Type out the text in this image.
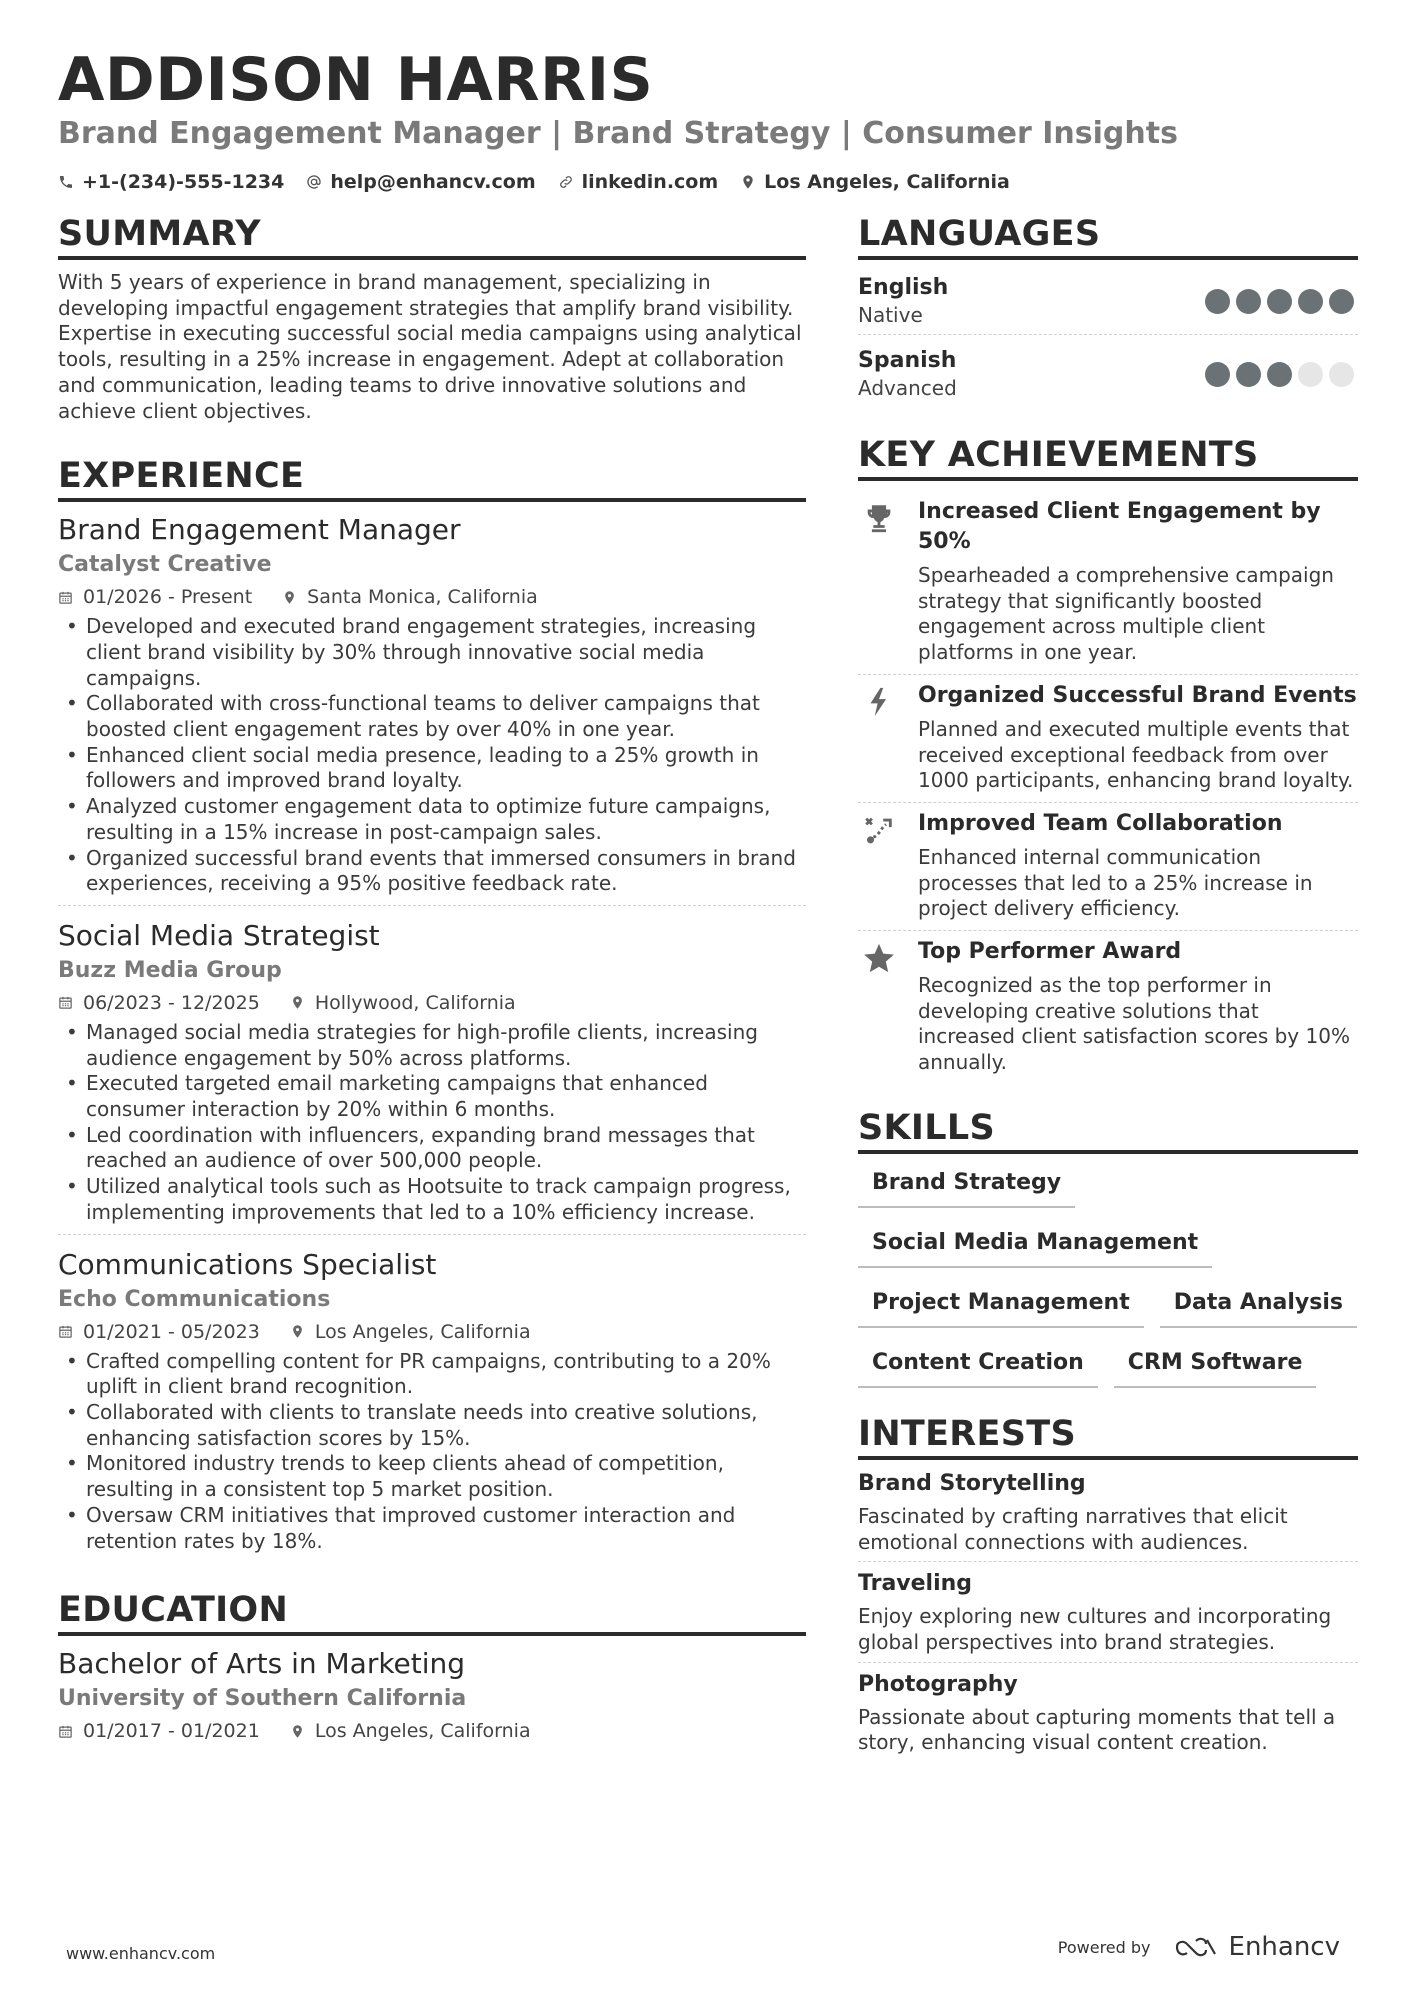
ADDISON HARRIS
Brand Engagement Manager | Brand Strategy | Consumer Insights
+1-(234)-555-1234 help@enhancv.com linkedin.com Los Angeles, California
SUMMARY

With 5 years of experience in brand management, specializing in developing impactful engagement strategies that amplify brand visibility. Expertise in executing successful social media campaigns using analytical tools, resulting in a 25% increase in engagement. Adept at collaboration and communication, leading teams to drive innovative solutions and achieve client objectives.

EXPERIENCE
Brand Engagement Manager
Catalyst Creative
01/2026 - Present	Santa Monica, California
• Developed and executed brand engagement strategies, increasing client brand visibility by 30% through innovative social media campaigns.
• Collaborated with cross-functional teams to deliver campaigns that boosted client engagement rates by over 40% in one year.
• Enhanced client social media presence, leading to a 25% growth in followers and improved brand loyalty.
• Analyzed customer engagement data to optimize future campaigns, resulting in a 15% increase in post-campaign sales.
• Organized successful brand events that immersed consumers in brand experiences, receiving a 95% positive feedback rate.
Social Media Strategist
Buzz Media Group
06/2023 - 12/2025	Hollywood, California
• Managed social media strategies for high-profile clients, increasing audience engagement by 50% across platforms.
• Executed targeted email marketing campaigns that enhanced consumer interaction by 20% within 6 months.
• Led coordination with influencers, expanding brand messages that reached an audience of over 500,000 people.
• Utilized analytical tools such as Hootsuite to track campaign progress, implementing improvements that led to a 10% efficiency increase.
Communications Specialist
Echo Communications
01/2021 - 05/2023	Los Angeles, California
• Crafted compelling content for PR campaigns, contributing to a 20% uplift in client brand recognition.
• Collaborated with clients to translate needs into creative solutions, enhancing satisfaction scores by 15%.
• Monitored industry trends to keep clients ahead of competition, resulting in a consistent top 5 market position.
• Oversaw CRM initiatives that improved customer interaction and retention rates by 18%.
EDUCATION
Bachelor of Arts in Marketing
University of Southern California
01/2017 - 01/2021	Los Angeles, California
LANGUAGES
English
Native
Spanish
Advanced
KEY ACHIEVEMENTS
Increased Client Engagement by 50%
Spearheaded a comprehensive campaign strategy that significantly boosted engagement across multiple client platforms in one year.
Organized Successful Brand Events
Planned and executed multiple events that received exceptional feedback from over 1000 participants, enhancing brand loyalty.
Improved Team Collaboration
Enhanced internal communication processes that led to a 25% increase in project delivery efficiency.
Top Performer Award
Recognized as the top performer in developing creative solutions that increased client satisfaction scores by 10% annually.
SKILLS
Brand Strategy
Social Media Management
Project Management	Data Analysis
Content Creation	CRM Software
INTERESTS
Brand Storytelling
Fascinated by crafting narratives that elicit emotional connections with audiences.
Traveling
Enjoy exploring new cultures and incorporating global perspectives into brand strategies.
Photography
Passionate about capturing moments that tell a story, enhancing visual content creation.
www.enhancv.com	Powered by	Enhancv
